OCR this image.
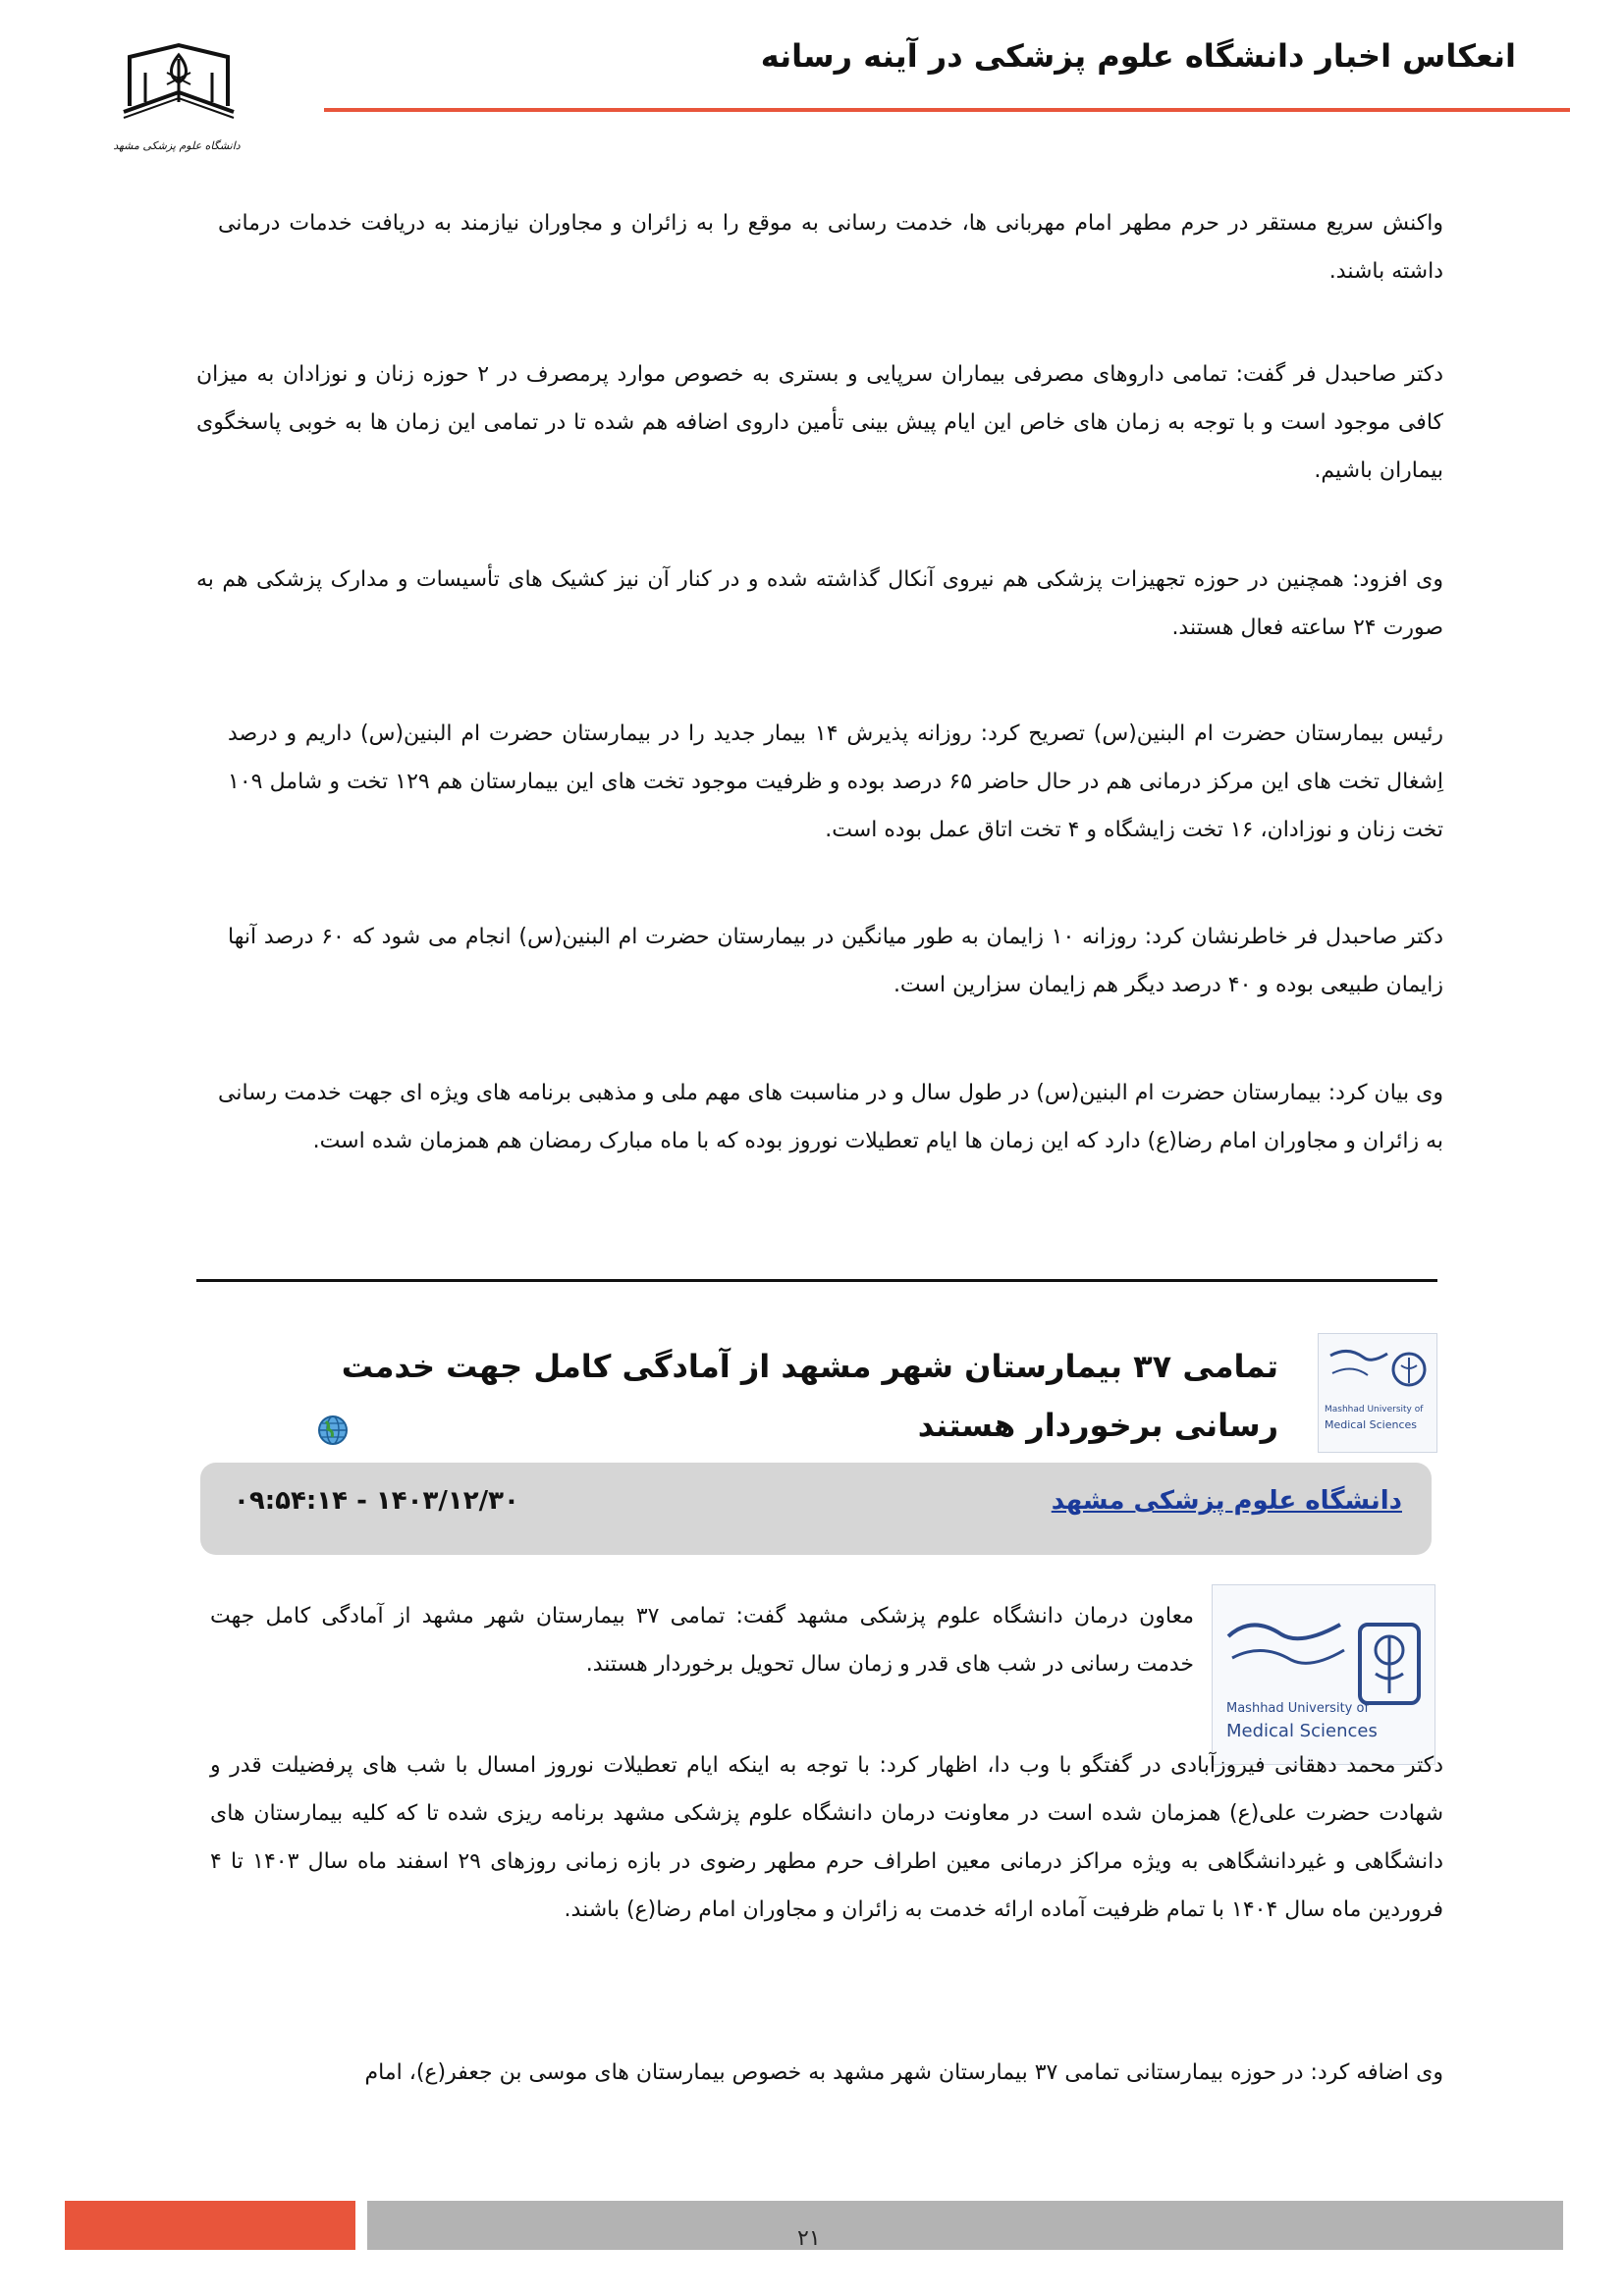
دانشگاه علوم پزشکی مشهد
انعکاس اخبار دانشگاه علوم پزشکی در آینه رسانه

واکنش سریع مستقر در حرم مطهر امام مهربانی ها، خدمت رسانی به موقع را به زائران و مجاوران نیازمند به دریافت خدمات درمانی داشته باشند.

دکتر صاحبدل فر گفت: تمامی داروهای مصرفی بیماران سرپایی و بستری به خصوص موارد پرمصرف در ۲ حوزه زنان و نوزادان به میزان کافی موجود است و با توجه به زمان های خاص این ایام پیش بینی تأمین داروی اضافه هم شده تا در تمامی این زمان ها به خوبی پاسخگوی بیماران باشیم.

وی افزود: همچنین در حوزه تجهیزات پزشکی هم نیروی آنکال گذاشته شده و در کنار آن نیز کشیک های تأسیسات و مدارک پزشکی هم به صورت ۲۴ ساعته فعال هستند.

رئیس بیمارستان حضرت ام البنین(س) تصریح کرد: روزانه پذیرش ۱۴ بیمار جدید را در بیمارستان حضرت ام البنین(س) داریم و درصد اِشغال تخت های این مرکز درمانی هم در حال حاضر ۶۵ درصد بوده و ظرفیت موجود تخت های این بیمارستان هم ۱۲۹ تخت و شامل ۱۰۹ تخت زنان و نوزادان، ۱۶ تخت زایشگاه و ۴ تخت اتاق عمل بوده است.

دکتر صاحبدل فر خاطرنشان کرد: روزانه ۱۰ زایمان به طور میانگین در بیمارستان حضرت ام البنین(س) انجام می شود که ۶۰ درصد آنها زایمان طبیعی بوده و ۴۰ درصد دیگر هم زایمان سزارین است.

وی بیان کرد: بیمارستان حضرت ام البنین(س) در طول سال و در مناسبت های مهم ملی و مذهبی برنامه های ویژه ای جهت خدمت رسانی به زائران و مجاوران امام رضا(ع) دارد که این زمان ها ایام تعطیلات نوروز بوده که با ماه مبارک رمضان هم همزمان شده است.

Mashhad University of
Medical Sciences
تمامی ۳۷ بیمارستان شهر مشهد از آمادگی کامل جهت خدمت رسانی برخوردار هستند
دانشگاه علوم پزشکی مشهد
۱۴۰۳/۱۲/۳۰ - ۰۹:۵۴:۱۴
Mashhad University of
Medical Sciences

معاون درمان دانشگاه علوم پزشکی مشهد گفت: تمامی ۳۷ بیمارستان شهر مشهد از آمادگی کامل جهت خدمت رسانی در شب های قدر و زمان سال تحویل برخوردار هستند.

دکتر محمد دهقانی فیروزآبادی در گفتگو با وب دا، اظهار کرد: با توجه به اینکه ایام تعطیلات نوروز امسال با شب های پرفضیلت قدر و شهادت حضرت علی(ع) همزمان شده است در معاونت درمان دانشگاه علوم پزشکی مشهد برنامه ریزی شده تا که کلیه بیمارستان های دانشگاهی و غیردانشگاهی به ویژه مراکز درمانی معین اطراف حرم مطهر رضوی در بازه زمانی روزهای ۲۹ اسفند ماه سال ۱۴۰۳ تا ۴ فروردین ماه سال ۱۴۰۴ با تمام ظرفیت آماده ارائه خدمت به زائران و مجاوران امام رضا(ع) باشند.

وی اضافه کرد: در حوزه بیمارستانی تمامی ۳۷ بیمارستان شهر مشهد به خصوص بیمارستان های موسی بن جعفر(ع)، امام

۲۱
